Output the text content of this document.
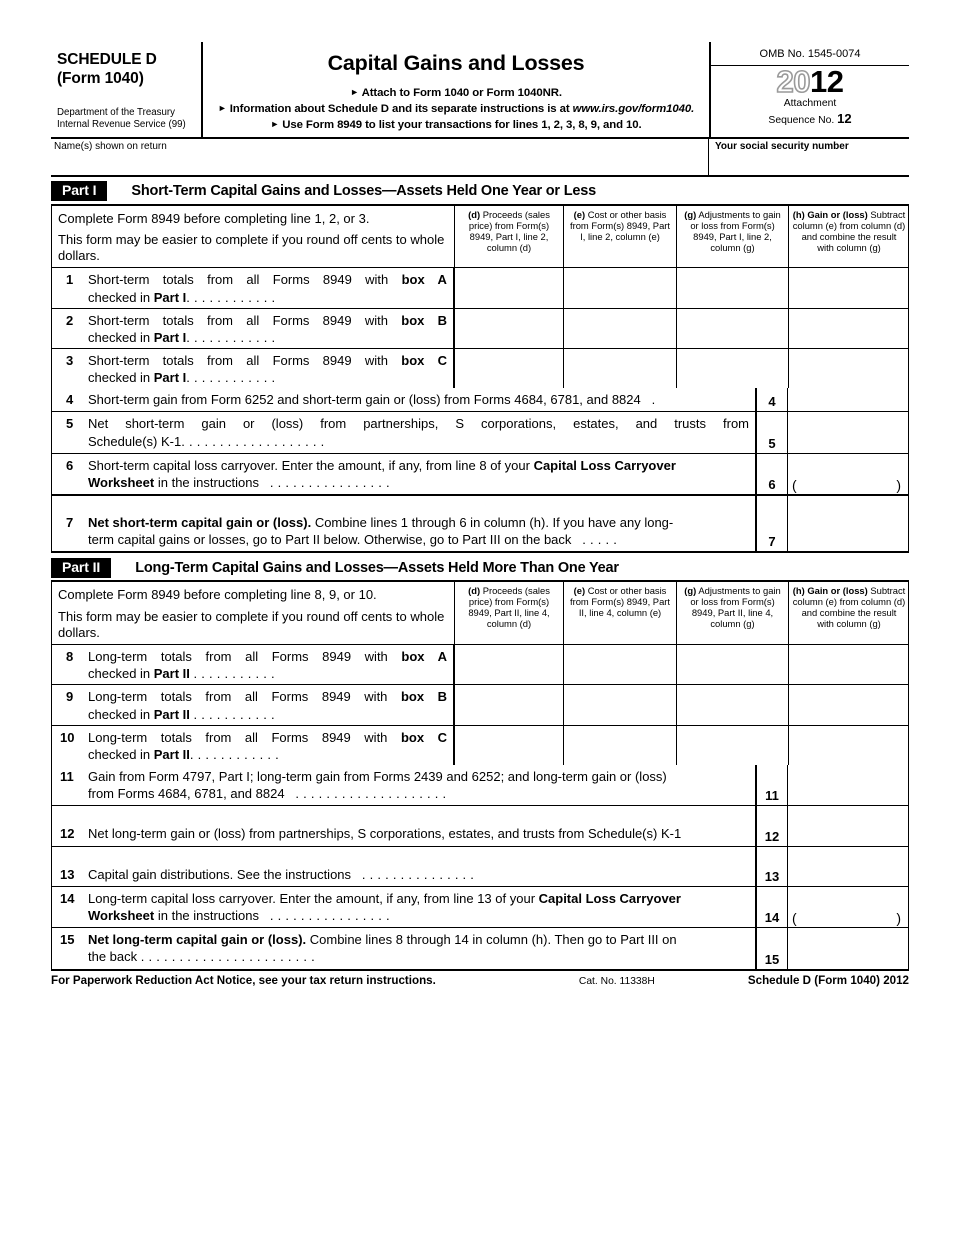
SCHEDULE D
(Form 1040)
Department of the Treasury
Internal Revenue Service (99)
Capital Gains and Losses
► Attach to Form 1040 or Form 1040NR.
► Information about Schedule D and its separate instructions is at www.irs.gov/form1040.
► Use Form 8949 to list your transactions for lines 1, 2, 3, 8, 9, and 10.
OMB No. 1545-0074
2012
Attachment
Sequence No. 12
Name(s) shown on return	Your social security number
Part I	Short-Term Capital Gains and Losses—Assets Held One Year or Less

Complete Form 8949 before completing line 1, 2, or 3.

This form may be easier to complete if you round off cents to whole dollars.

(d) Proceeds (sales price) from Form(s) 8949, Part I, line 2, column (d)
(e) Cost or other basis from Form(s) 8949, Part I, line 2, column (e)
(g) Adjustments to gain or loss from Form(s) 8949, Part I, line 2, column (g)
(h) Gain or (loss) Subtract column (e) from column (d) and combine the result with column (g)
1 Short-term totals from all Forms 8949 with box A
checked in Part I. . . . . . . . . . . .
2 Short-term totals from all Forms 8949 with box B
checked in Part I. . . . . . . . . . . .
3 Short-term totals from all Forms 8949 with box C
checked in Part I. . . . . . . . . . . .
4 Short-term gain from Form 6252 and short-term gain or (loss) from Forms 4684, 6781, and 8824 .	4
5 Net short-term gain or (loss) from partnerships, S corporations, estates, and trusts from
Schedule(s) K-1. . . . . . . . . . . . . . . . . . .	5
6 Short-term capital loss carryover. Enter the amount, if any, from line 8 of your Capital Loss Carryover
Worksheet in the instructions . . . . . . . . . . . . . . . .	6	(	)
7 Net short-term capital gain or (loss). Combine lines 1 through 6 in column (h). If you have any long-
term capital gains or losses, go to Part II below. Otherwise, go to Part III on the back . . . . .	7
Part II	Long-Term Capital Gains and Losses—Assets Held More Than One Year

Complete Form 8949 before completing line 8, 9, or 10.

This form may be easier to complete if you round off cents to whole dollars.

(d) Proceeds (sales price) from Form(s) 8949, Part II, line 4, column (d)
(e) Cost or other basis from Form(s) 8949, Part II, line 4, column (e)
(g) Adjustments to gain or loss from Form(s) 8949, Part II, line 4, column (g)
(h) Gain or (loss) Subtract column (e) from column (d) and combine the result with column (g)
8 Long-term totals from all Forms 8949 with box A
checked in Part II . . . . . . . . . . .
9 Long-term totals from all Forms 8949 with box B
checked in Part II . . . . . . . . . . .
10 Long-term totals from all Forms 8949 with box C
checked in Part II. . . . . . . . . . . .
11 Gain from Form 4797, Part I; long-term gain from Forms 2439 and 6252; and long-term gain or (loss)
from Forms 4684, 6781, and 8824 . . . . . . . . . . . . . . . . . . . .	11
12 Net long-term gain or (loss) from partnerships, S corporations, estates, and trusts from Schedule(s) K-1	12
13 Capital gain distributions. See the instructions . . . . . . . . . . . . . . .	13
14 Long-term capital loss carryover. Enter the amount, if any, from line 13 of your Capital Loss Carryover
Worksheet in the instructions . . . . . . . . . . . . . . . .	14 (	)
15 Net long-term capital gain or (loss). Combine lines 8 through 14 in column (h). Then go to Part III on
the back . . . . . . . . . . . . . . . . . . . . . . .	15
For Paperwork Reduction Act Notice, see your tax return instructions.	Cat. No. 11338H	Schedule D (Form 1040) 2012
